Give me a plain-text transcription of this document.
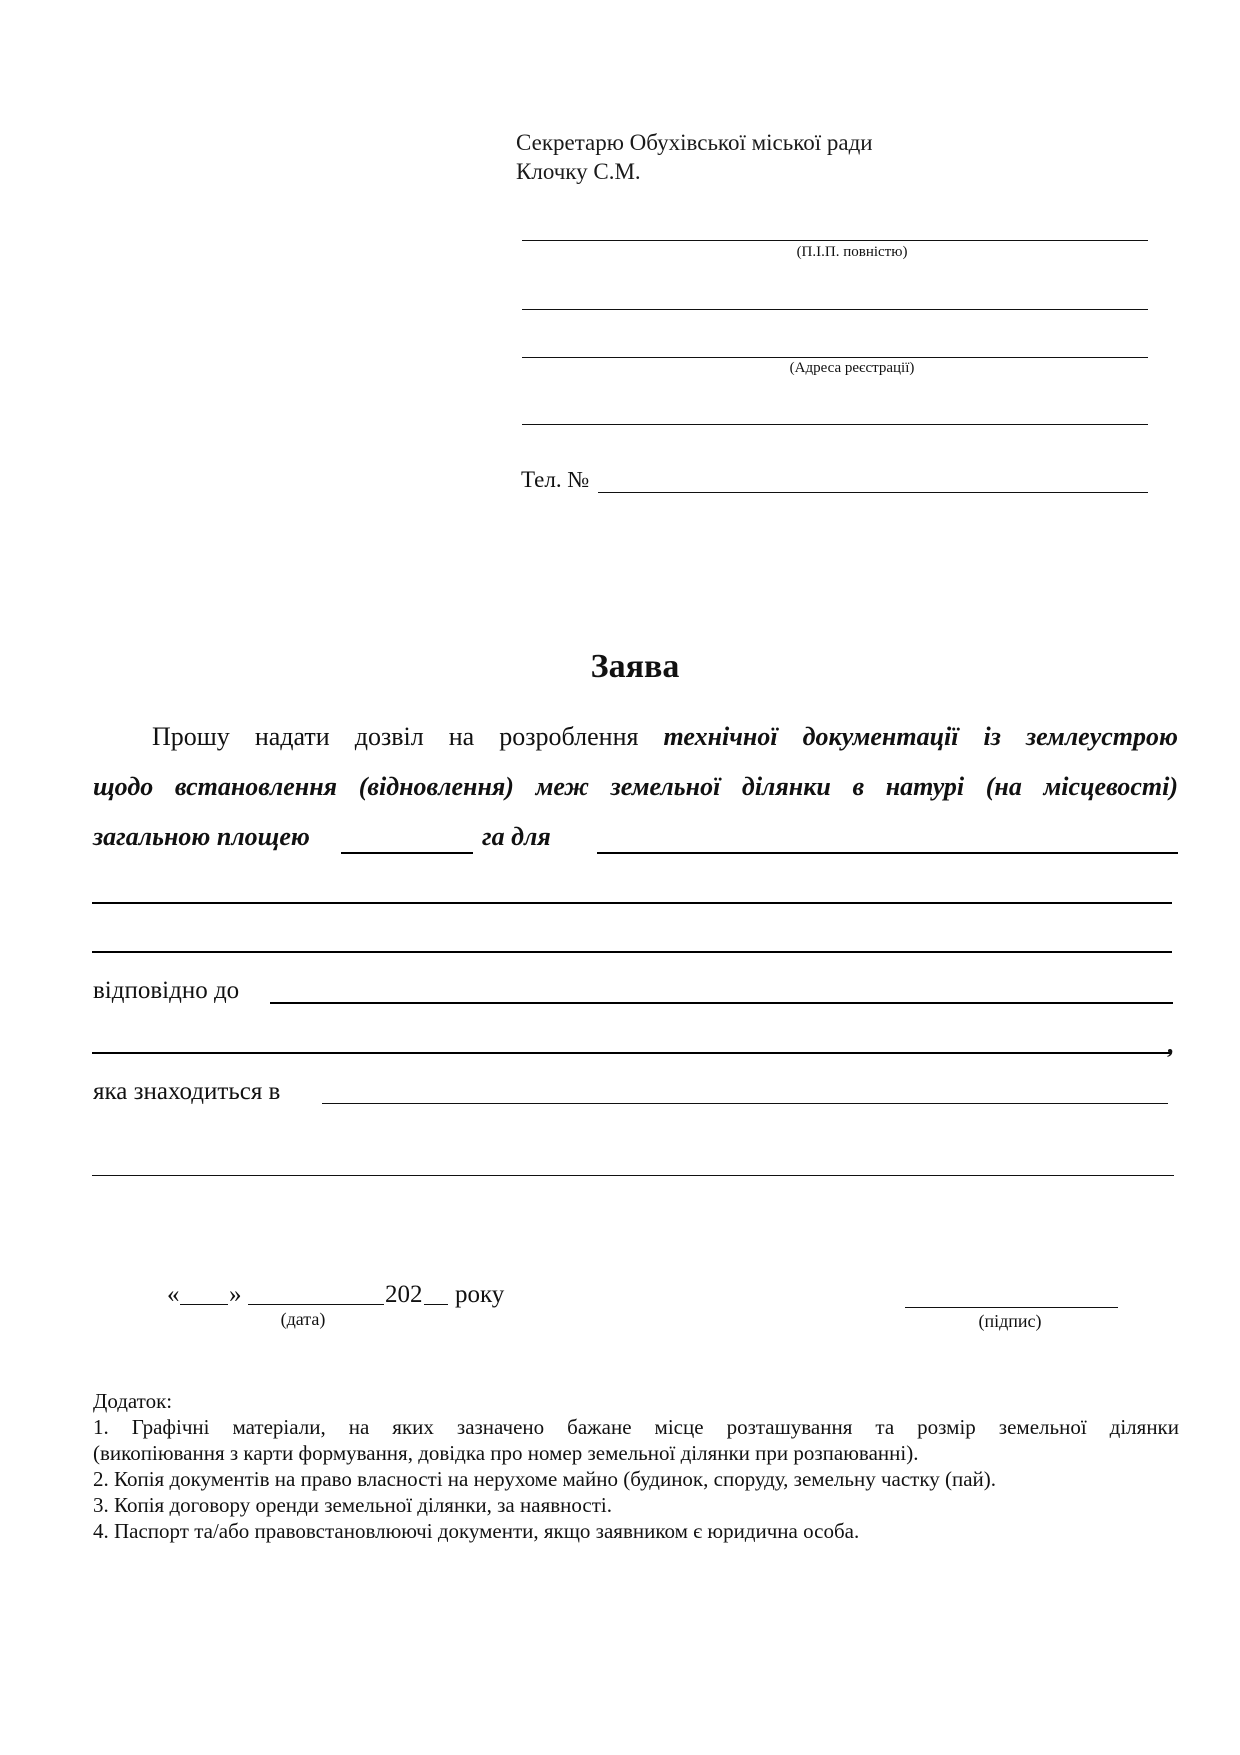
Секретарю Обухівської міської ради
Клочку С.М.
(П.І.П. повністю)
(Адреса реєстрації)
Тел. №
Заява
Прошу надати дозвіл на розроблення технічної документації із землеустрою
щодо встановлення (відновлення) меж земельної ділянки в натурі (на місцевості)
загальною площею	га для
відповідно до
,
яка знаходиться в
« »	202 року
(дата)	(підпис)

Додаток:

1. Графічні матеріали, на яких зазначено бажане місце розташування та розмір земельної ділянки

(викопіювання з карти формування, довідка про номер земельної ділянки при розпаюванні).

2. Копія документів на право власності на нерухоме майно (будинок, споруду, земельну частку (пай).

3. Копія договору оренди земельної ділянки, за наявності.

4. Паспорт та/або правовстановлюючі документи, якщо заявником є юридична особа.
